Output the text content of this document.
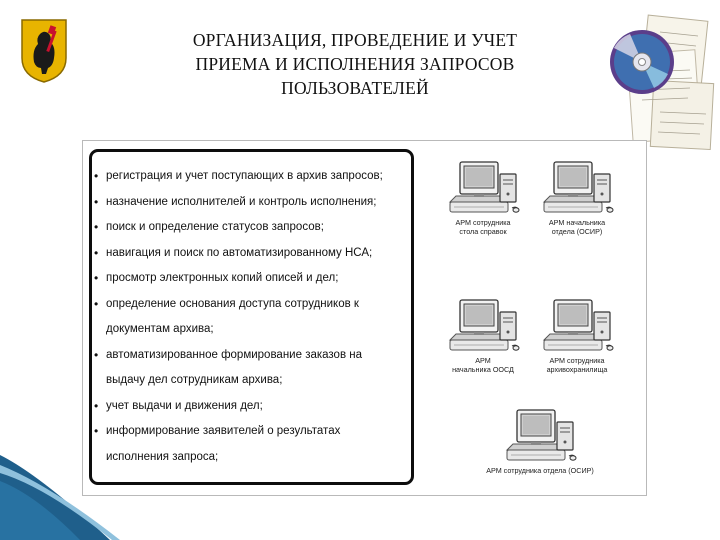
ОРГАНИЗАЦИЯ, ПРОВЕДЕНИЕ И УЧЕТ
ПРИЕМА И ИСПОЛНЕНИЯ ЗАПРОСОВ
ПОЛЬЗОВАТЕЛЕЙ
• регистрация и учет поступающих в архив запросов;
• назначение исполнителей и контроль исполнения;
• поиск и определение статусов запросов;
• навигация и поиск по автоматизированному НСА;
• просмотр электронных копий описей и дел;
• определение основания доступа сотрудников к
документам архива;
• автоматизированное формирование заказов на
выдачу дел сотрудникам архива;
• учет выдачи и движения дел;
• информирование заявителей о результатах
исполнения запроса;
АРМ сотрудника
стола справок
АРМ начальника
отдела (ОСИР)
АРМ
начальника ООСД
АРМ сотрудника
архивохранилища
АРМ сотрудника отдела (ОСИР)
